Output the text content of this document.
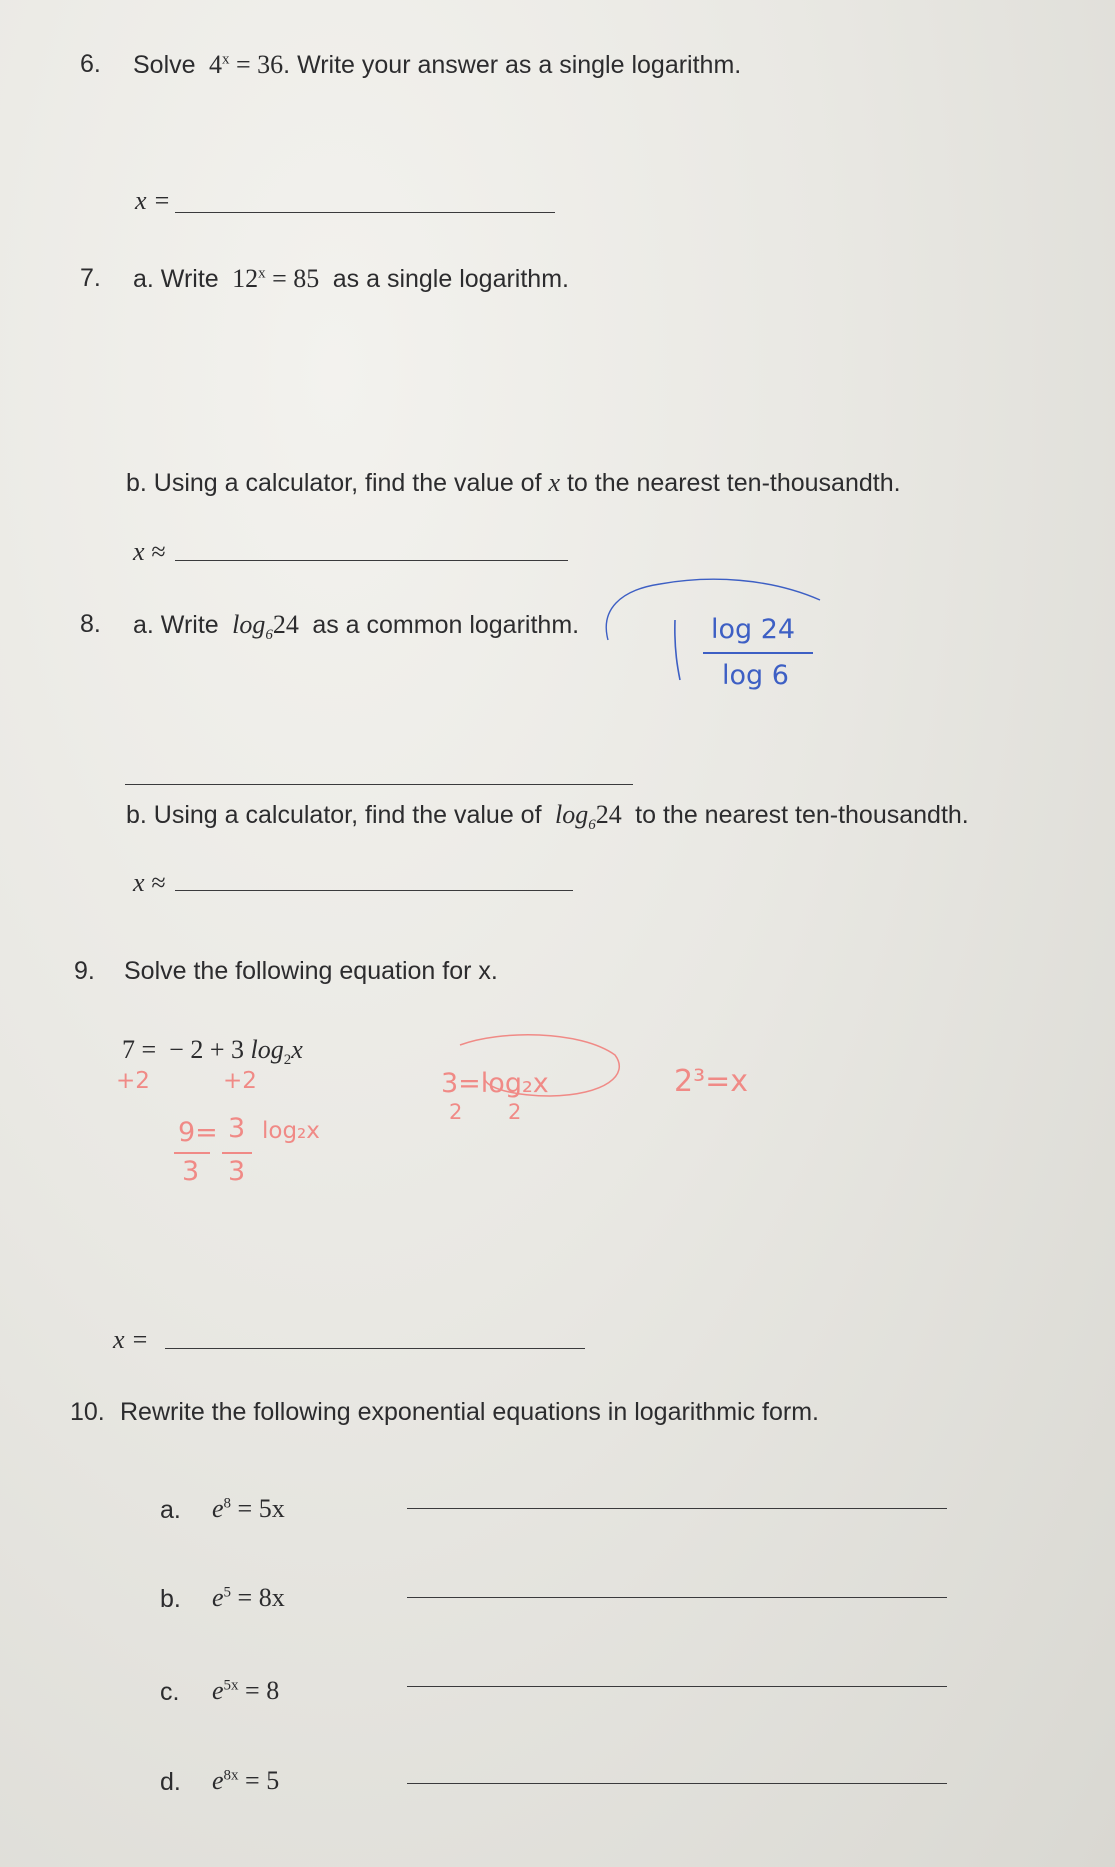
6. Solve $4^x = 36$. Write your answer as a single logarithm.
x =
7. a. Write $12^x = 85$ as a single logarithm.
b. Using a calculator, find the value of x to the nearest ten-thousandth.
x ≈
8. a. Write $\log_624$ as a common logarithm.
b. Using a calculator, find the value of $\log_624$ to the nearest ten-thousandth.
x ≈
9. Solve the following equation for x.
7 = − 2 + 3 $\log_2x$
x =
10. Rewrite the following exponential equations in logarithmic form.
a. $e^8 = 5x$
b. $e^5 = 8x$
c. $e^{5x} = 8$
d. $e^{8x} = 5$
log 24
log 6
+2	+2
9= 3 log₂x
3 3
3=log₂x
2 2
2³=x
